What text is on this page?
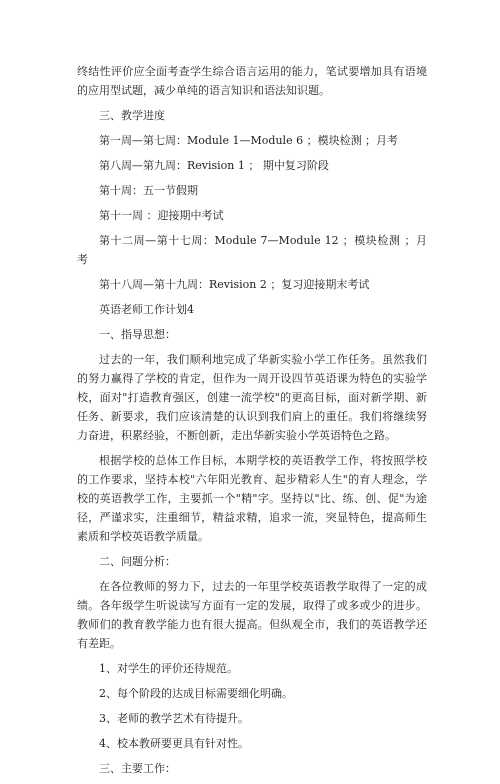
终结性评价应全面考查学生综合语言运用的能力，笔试要增加具有语境的应用型试题，减少单纯的语言知识和语法知识题。

三、教学进度

第一周—第七周：Module 1—Module 6 ；模块检测 ；月考

第八周—第九周：Revision 1 ； 期中复习阶段

第十周：五一节假期

第十一周 ：迎接期中考试

第十二周—第十七周：Module 7—Module 12 ；模块检测 ；月考

第十八周—第十九周：Revision 2 ；复习迎接期末考试

英语老师工作计划4

一、指导思想：

过去的一年，我们顺利地完成了华新实验小学工作任务。虽然我们的努力赢得了学校的肯定，但作为一周开设四节英语课为特色的实验学校，面对"打造教育强区，创建一流学校"的更高目标，面对新学期、新任务、新要求，我们应该清楚的认识到我们肩上的重任。我们将继续努力奋进，积累经验，不断创新，走出华新实验小学英语特色之路。

根据学校的总体工作目标，本期学校的英语教学工作，将按照学校的工作要求，坚持本校"六年阳光教育、起步精彩人生"的育人理念，学校的英语教学工作，主要抓一个"精"字。坚持以"比、练、创、促"为途径，严谨求实，注重细节，精益求精，追求一流，突显特色，提高师生素质和学校英语教学质量。

二、问题分析：

在各位教师的努力下，过去的一年里学校英语教学取得了一定的成绩。各年级学生听说读写方面有一定的发展，取得了或多或少的进步。教师们的教育教学能力也有很大提高。但纵观全市，我们的英语教学还有差距。

1、对学生的评价还待规范。

2、每个阶段的达成目标需要细化明确。

3、老师的教学艺术有待提升。

4、校本教研要更具有针对性。

三、主要工作：
